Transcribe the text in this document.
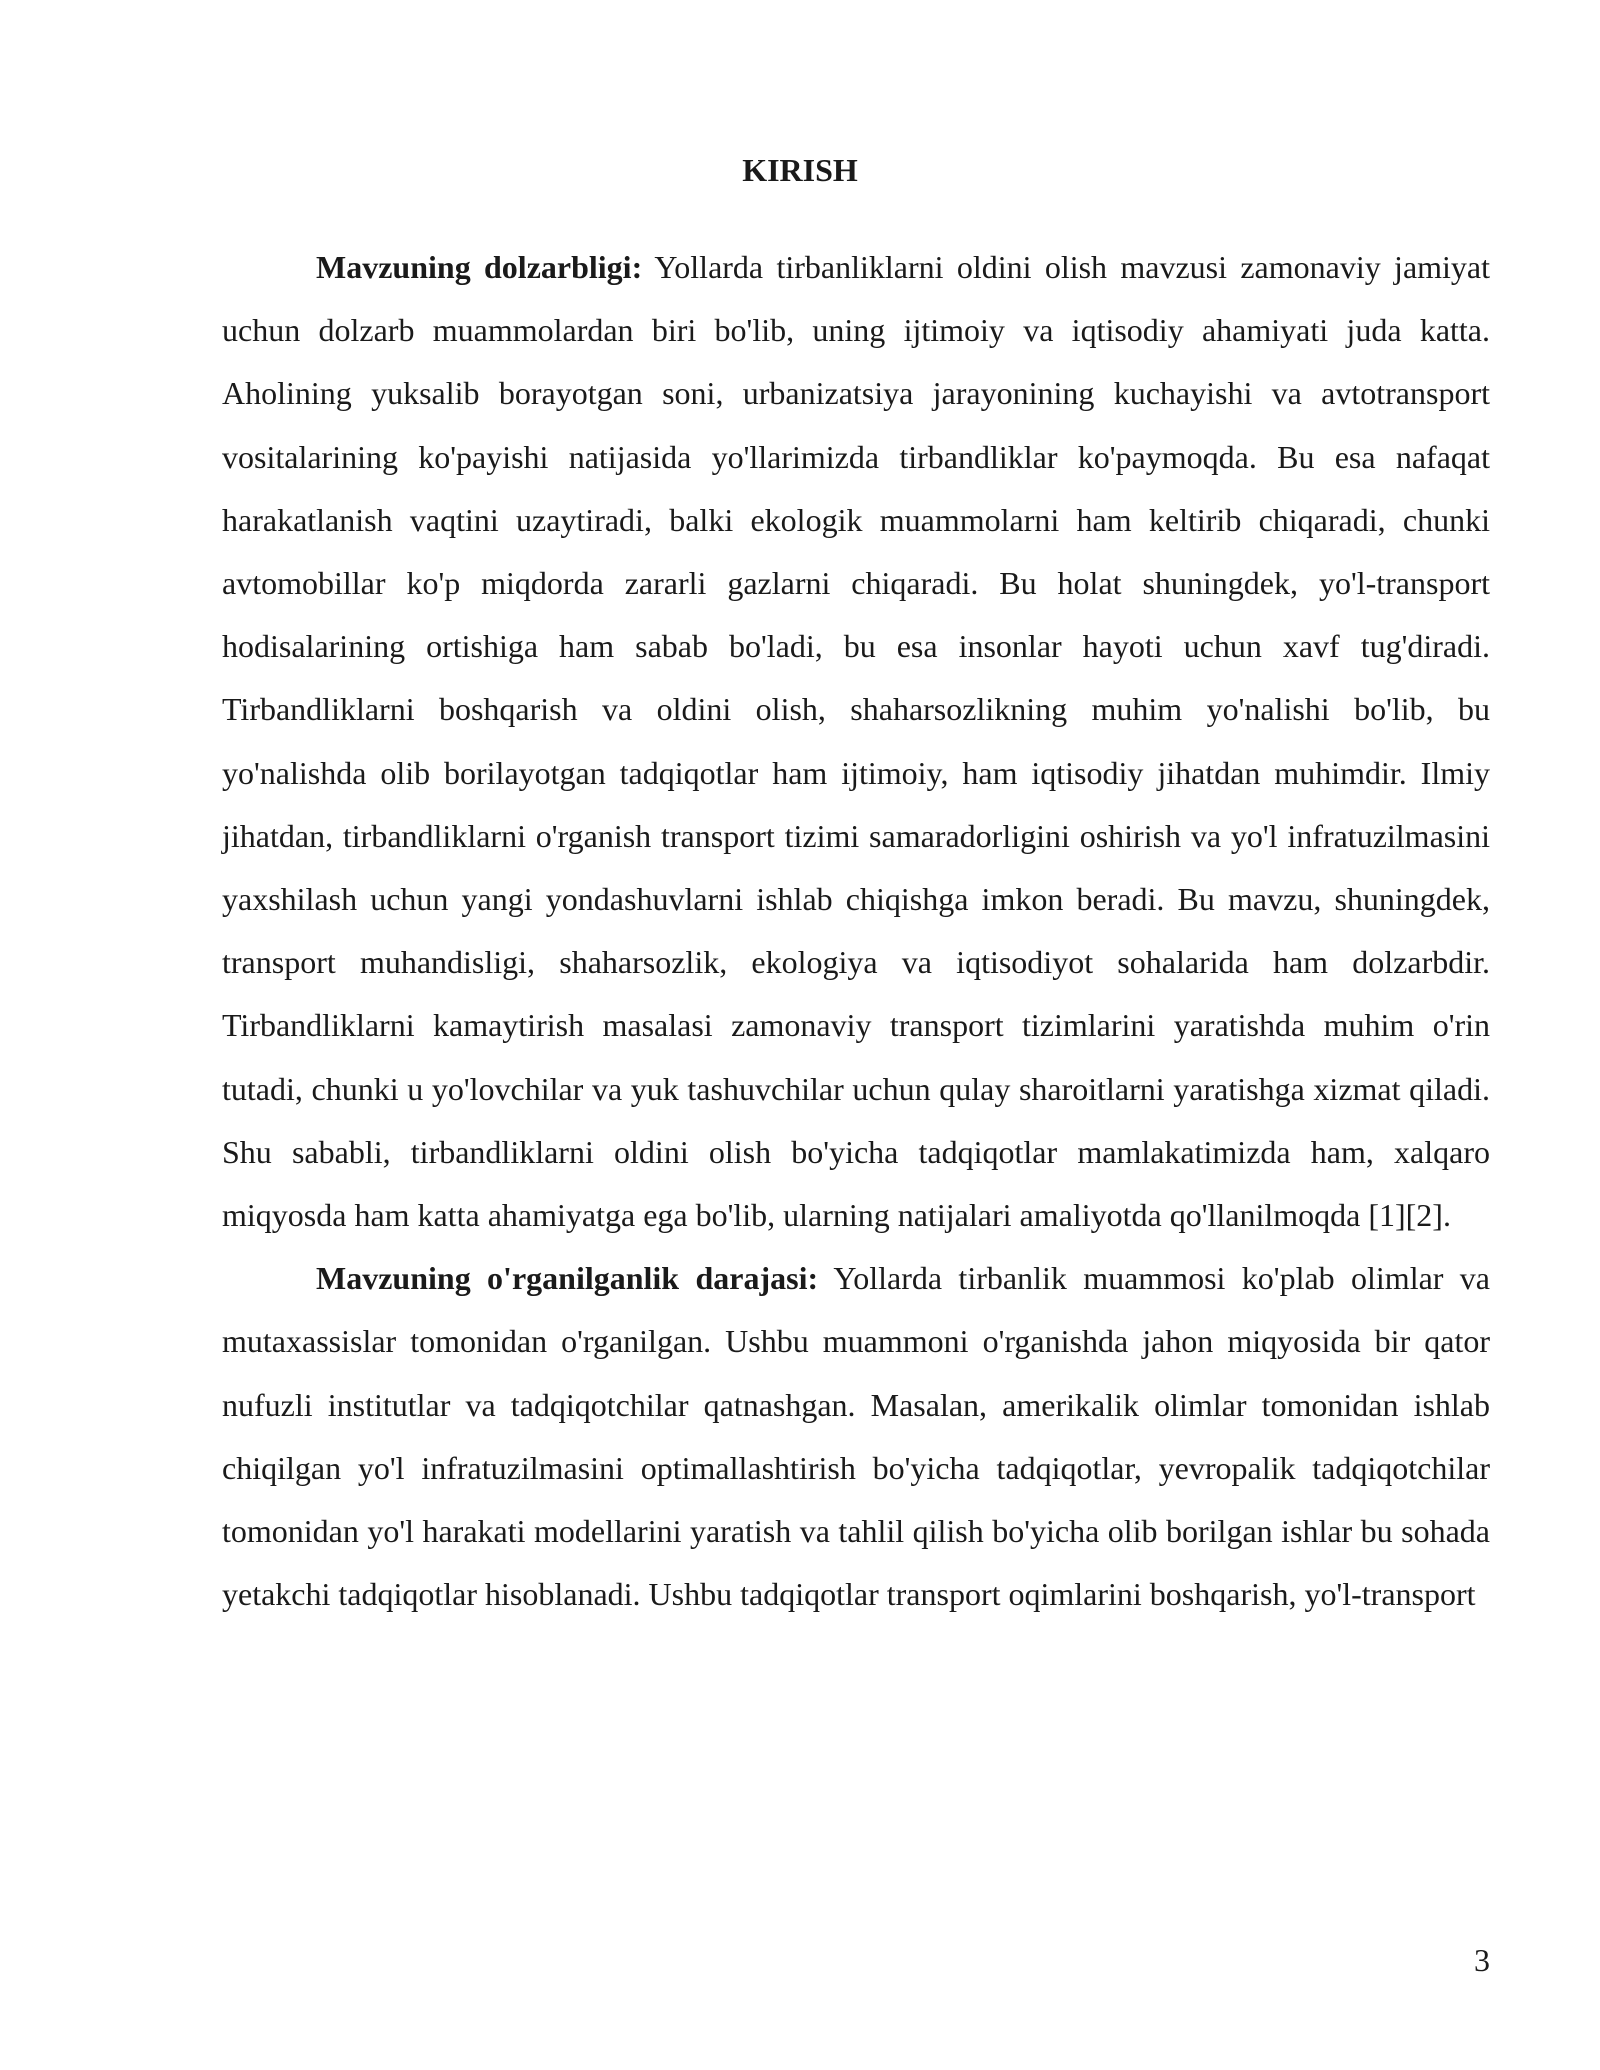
KIRISH

Mavzuning dolzarbligi: Yollarda tirbanliklarni oldini olish mavzusi zamonaviy jamiyat uchun dolzarb muammolardan biri bo'lib, uning ijtimoiy va iqtisodiy ahamiyati juda katta. Aholining yuksalib borayotgan soni, urbanizatsiya jarayonining kuchayishi va avtotransport vositalarining ko'payishi natijasida yo'llarimizda tirbandliklar ko'paymoqda. Bu esa nafaqat harakatlanish vaqtini uzaytiradi, balki ekologik muammolarni ham keltirib chiqaradi, chunki avtomobillar ko'p miqdorda zararli gazlarni chiqaradi. Bu holat shuningdek, yo'l-transport hodisalarining ortishiga ham sabab bo'ladi, bu esa insonlar hayoti uchun xavf tug'diradi. Tirbandliklarni boshqarish va oldini olish, shaharsozlikning muhim yo'nalishi bo'lib, bu yo'nalishda olib borilayotgan tadqiqotlar ham ijtimoiy, ham iqtisodiy jihatdan muhimdir. Ilmiy jihatdan, tirbandliklarni o'rganish transport tizimi samaradorligini oshirish va yo'l infratuzilmasini yaxshilash uchun yangi yondashuvlarni ishlab chiqishga imkon beradi. Bu mavzu, shuningdek, transport muhandisligi, shaharsozlik, ekologiya va iqtisodiyot sohalarida ham dolzarbdir. Tirbandliklarni kamaytirish masalasi zamonaviy transport tizimlarini yaratishda muhim o'rin tutadi, chunki u yo'lovchilar va yuk tashuvchilar uchun qulay sharoitlarni yaratishga xizmat qiladi. Shu sababli, tirbandliklarni oldini olish bo'yicha tadqiqotlar mamlakatimizda ham, xalqaro miqyosda ham katta ahamiyatga ega bo'lib, ularning natijalari amaliyotda qo'llanilmoqda [1][2].

Mavzuning o'rganilganlik darajasi: Yollarda tirbanlik muammosi ko'plab olimlar va mutaxassislar tomonidan o'rganilgan. Ushbu muammoni o'rganishda jahon miqyosida bir qator nufuzli institutlar va tadqiqotchilar qatnashgan. Masalan, amerikalik olimlar tomonidan ishlab chiqilgan yo'l infratuzilmasini optimallashtirish bo'yicha tadqiqotlar, yevropalik tadqiqotchilar tomonidan yo'l harakati modellarini yaratish va tahlil qilish bo'yicha olib borilgan ishlar bu sohada yetakchi tadqiqotlar hisoblanadi. Ushbu tadqiqotlar transport oqimlarini boshqarish, yo'l-transport

3
